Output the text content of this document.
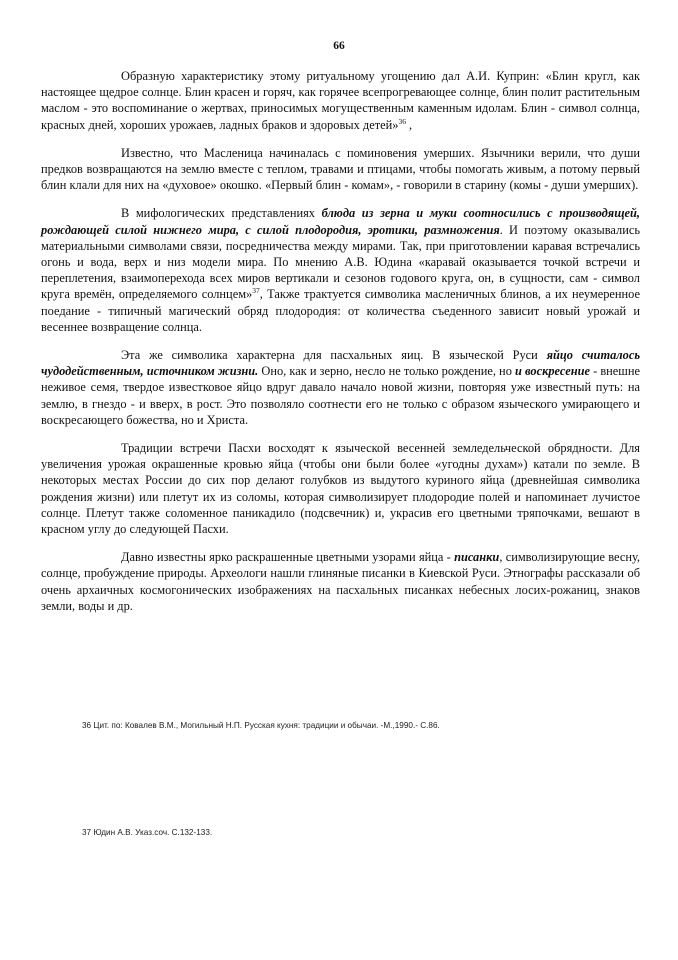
66

Образную характеристику этому ритуальному угощению дал А.И. Куприн: «Блин кругл, как настоящее щедрое солнце. Блин красен и горяч, как горячее всепрогревающее солнце, блин полит растительным маслом - это воспоминание о жертвах, приносимых могущественным каменным идолам. Блин - символ солнца, красных дней, хороших урожаев, ладных браков и здоровых детей»$^{36}$ ,

Известно, что Масленица начиналась с поминовения умерших. Язычники верили, что души предков возвращаются на землю вместе с теплом, травами и птицами, чтобы помогать живым, а потому первый блин клали для них на «духовое» окошко. «Первый блин - комам», - говорили в старину (комы - души умерших).

В мифологических представлениях блюда из зерна и муки соотносились с производящей, рождающей силой нижнего мира, с силой плодородия, эротики, размножения. И поэтому оказывались материальными символами связи, посредничества между мирами. Так, при приготовлении каравая встречались огонь и вода, верх и низ модели мира. По мнению А.В. Юдина «каравай оказывается точкой встречи и переплетения, взаимоперехода всех миров вертикали и сезонов годового круга, он, в сущности, сам - символ круга времён, определяемого солнцем»$^{37}$, Также трактуется символика масленичных блинов, а их неумеренное поедание - типичный магический обряд плодородия: от количества съеденного зависит новый урожай и весеннее возвращение солнца.

Эта же символика характерна для пасхальных яиц. В языческой Руси яйцо считалось чудодейственным, источником жизни. Оно, как и зерно, несло не только рождение, но и воскресение - внешне неживое семя, твердое известковое яйцо вдруг давало начало новой жизни, повторяя уже известный путь: на землю, в гнездо - и вверх, в рост. Это позволяло соотнести его не только с образом языческого умирающего и воскресающего божества, но и Христа.

Традиции встречи Пасхи восходят к языческой весенней земледельческой обрядности. Для увеличения урожая окрашенные кровью яйца (чтобы они были более «угодны духам») катали по земле. В некоторых местах России до сих пор делают голубков из выдутого куриного яйца (древнейшая символика рождения жизни) или плетут их из соломы, которая символизирует плодородие полей и напоминает лучистое солнце. Плетут также соломенное паникадило (подсвечник) и, украсив его цветными тряпочками, вешают в красном углу до следующей Пасхи.

Давно известны ярко раскрашенные цветными узорами яйца - писанки, символизирующие весну, солнце, пробуждение природы. Археологи нашли глиняные писанки в Киевской Руси. Этнографы рассказали об очень архаичных космогонических изображениях на пасхальных писанках небесных лосих-рожаниц, знаков земли, воды и др.

36 Цит. по: Ковалев В.М., Могильный Н.П. Русская кухня: традиции и обычаи. -М.,1990.- С.86.
37 Юдин А.В. Указ.соч. С.132-133.
